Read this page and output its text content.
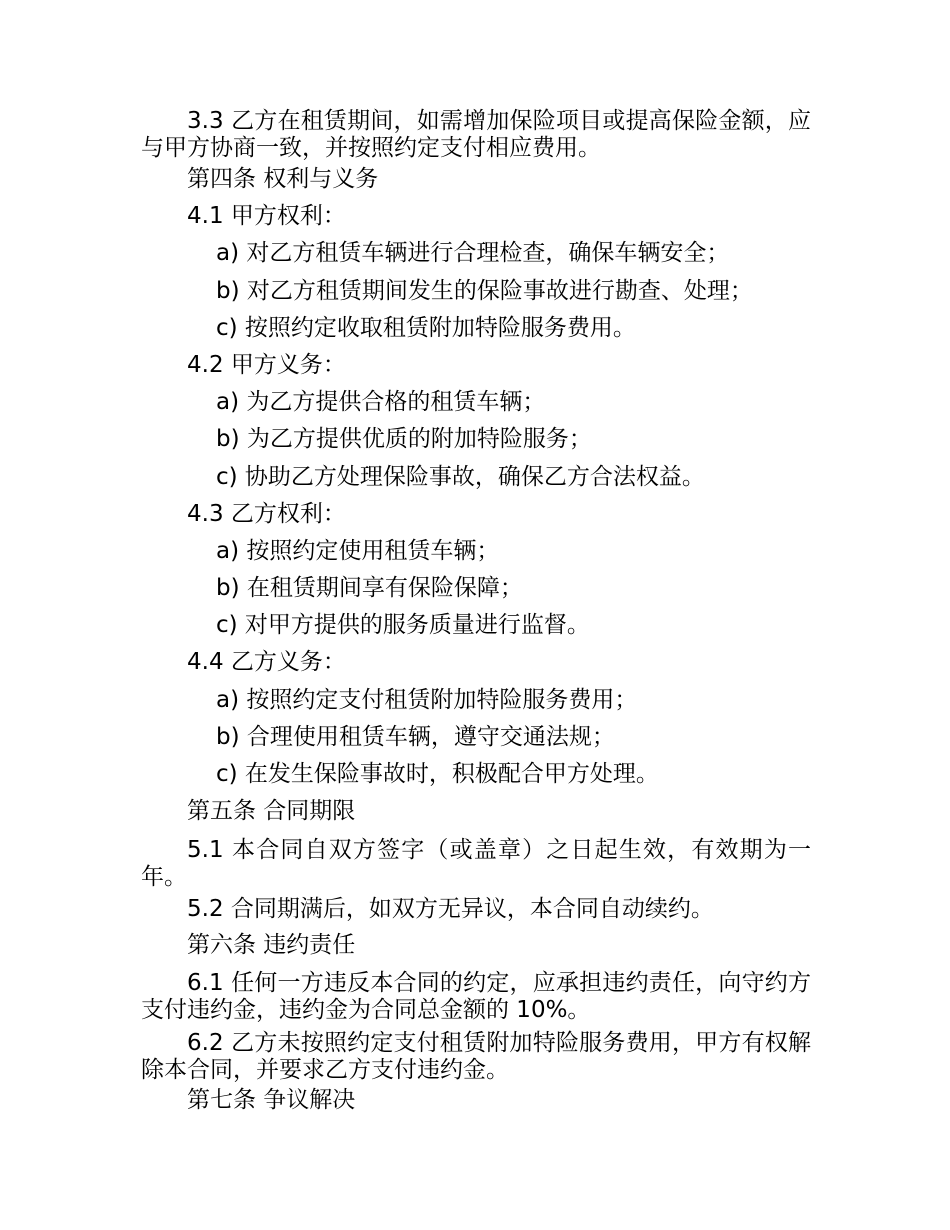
3.3 乙方在租赁期间，如需增加保险项目或提高保险金额，应与甲方协商一致，并按照约定支付相应费用。

第四条 权利与义务

4.1 甲方权利：

a) 对乙方租赁车辆进行合理检查，确保车辆安全；

b) 对乙方租赁期间发生的保险事故进行勘查、处理；

c) 按照约定收取租赁附加特险服务费用。

4.2 甲方义务：

a) 为乙方提供合格的租赁车辆；

b) 为乙方提供优质的附加特险服务；

c) 协助乙方处理保险事故，确保乙方合法权益。

4.3 乙方权利：

a) 按照约定使用租赁车辆；

b) 在租赁期间享有保险保障；

c) 对甲方提供的服务质量进行监督。

4.4 乙方义务：

a) 按照约定支付租赁附加特险服务费用；

b) 合理使用租赁车辆，遵守交通法规；

c) 在发生保险事故时，积极配合甲方处理。

第五条 合同期限

5.1 本合同自双方签字（或盖章）之日起生效，有效期为一年。

5.2 合同期满后，如双方无异议，本合同自动续约。

第六条 违约责任

6.1 任何一方违反本合同的约定，应承担违约责任，向守约方支付违约金，违约金为合同总金额的 10%。

6.2 乙方未按照约定支付租赁附加特险服务费用，甲方有权解除本合同，并要求乙方支付违约金。

第七条 争议解决
